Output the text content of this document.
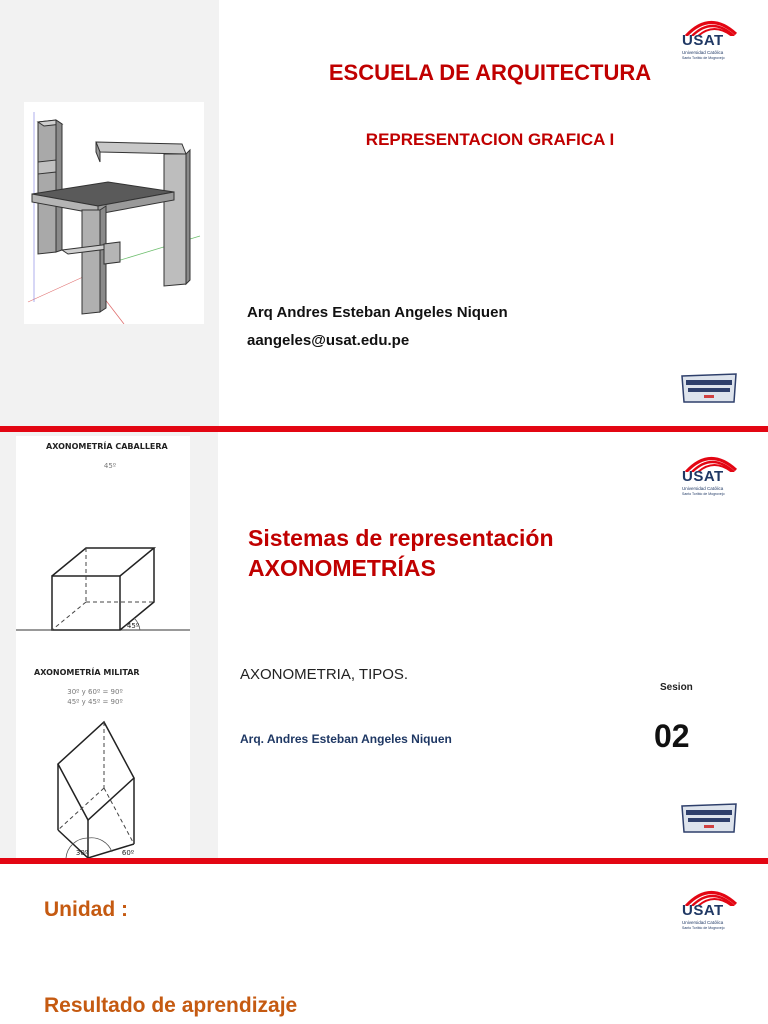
ESCUELA DE ARQUITECTURA
REPRESENTACION GRAFICA I
Arq Andres Esteban Angeles Niquen
aangeles@usat.edu.pe
USAT
Universidad Católica
Santo Toribio de Mogrovejo
AXONOMETRÍA CABALLERA
45º
45º
AXONOMETRÍA MILITAR
30º y 60º = 90º
45º y 45º = 90º
30º	60º
Sistemas de representación
AXONOMETRÍAS
AXONOMETRIA, TIPOS.
Arq. Andres Esteban Angeles Niquen
Sesion
02
USAT
Universidad Católica
Santo Toribio de Mogrovejo
Unidad :
Resultado de aprendizaje
USAT
Universidad Católica
Santo Toribio de Mogrovejo
